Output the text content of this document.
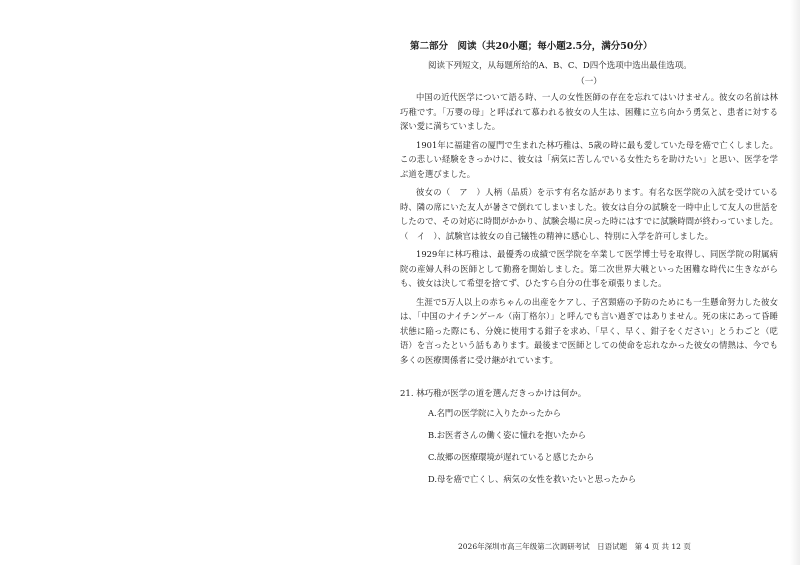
第二部分　阅读（共20小题；每小题2.5分，满分50分）
阅读下列短文，从每题所给的A、B、C、D四个选项中选出最佳选项。
（一）

中国の近代医学について語る時、一人の女性医師の存在を忘れてはいけません。彼女の名前は林巧稚です。「万婴の母」と呼ばれて慕われる彼女の人生は、困難に立ち向かう勇気と、患者に対する深い愛に満ちていました。

1901年に福建省の厦門で生まれた林巧稚は、5歳の時に最も愛していた母を癌で亡くしました。この悲しい経験をきっかけに、彼女は「病気に苦しんでいる女性たちを助けたい」と思い、医学を学ぶ道を選びました。

彼女の（　ア　）人柄（品质）を示す有名な話があります。有名な医学院の入試を受けている時、隣の席にいた友人が暑さで倒れてしまいました。彼女は自分の試験を一時中止して友人の世話をしたので、その対応に時間がかかり、試験会場に戻った時にはすでに試験時間が終わっていました。（　イ　）、試験官は彼女の自己犠牲の精神に感心し、特別に入学を許可しました。

1929年に林巧稚は、最優秀の成績で医学院を卒業して医学博士号を取得し、同医学院の附属病院の産婦人科の医師として勤務を開始しました。第二次世界大戦といった困難な時代に生きながらも、彼女は決して希望を捨てず、ひたすら自分の仕事を頑張りました。

生涯で5万人以上の赤ちゃんの出産をケアし、子宮頸癌の予防のためにも一生懸命努力した彼女は、「中国のナイチンゲール（南丁格尔）」と呼んでも言い過ぎではありません。死の床にあって昏睡状態に陥った際にも、分娩に使用する鉗子を求め、「早く、早く、鉗子をください」とうわごと（呓语）を言ったという話もあります。最後まで医師としての使命を忘れなかった彼女の情熱は、今でも多くの医療関係者に受け継がれています。

21. 林巧稚が医学の道を選んだきっかけは何か。
A.名門の医学院に入りたかったから
B.お医者さんの働く姿に憧れを抱いたから
C.故郷の医療環境が遅れていると感じたから
D.母を癌で亡くし、病気の女性を救いたいと思ったから
2026年深圳市高三年级第二次调研考试　日语试题　第 4 页 共 12 页
